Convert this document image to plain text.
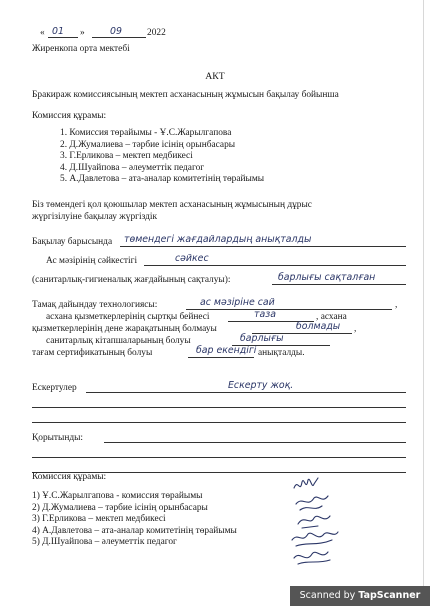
« 01 »	09	2022
Жиренкопа орта мектебі
АКТ
Бракираж комиссиясының мектеп асханасының жұмысын бақылау бойынша
Комиссия құрамы:
1. Комиссия төрайымы - Ұ.С.Жарылгапова
2. Д.Жумалиева – тәрбие ісінің орынбасары
3. Г.Ерликова – мектеп медбикесі
4. Д.Шуайпова – әлеуметтік педагог
5. А.Давлетова – ата-аналар комитетінің төрайымы
Біз төмендегі қол қоюшылар мектеп асханасының жұмысының дұрыс
жүргізілуіне бақылау жүргіздік
Бақылау барысында төмендегі жағдайлардың анықталды
Ас мәзірінің сәйкестігі	сәйкес
(санитарлық-гигиеналық жағдайының сақталуы):	барлығы сақталған
Тамақ дайындау технологиясы:	ас мәзіріне сай	,
асхана қызметкерлерінің сыртқы бейнесі	таза	, асхана
қызметкерлерінің дене жарақатының болмауы	болмады ,
санитарлық кітапшаларының болуы	барлығы
тағам сертификатының болуы	бар екендігі анықталды.
Ескертулер	Ескерту жоқ.
Қорытынды:
Комиссия құрамы:
1) Ұ.С.Жарылгапова - комиссия төрайымы
2) Д.Жумалиева – тәрбие ісінің орынбасары
3) Г.Ерликова – мектеп медбикесі
4) А.Давлетова – ата-аналар комитетінің төрайымы
5) Д.Шуайпова – әлеуметтік педагог
Scanned by TapScanner
